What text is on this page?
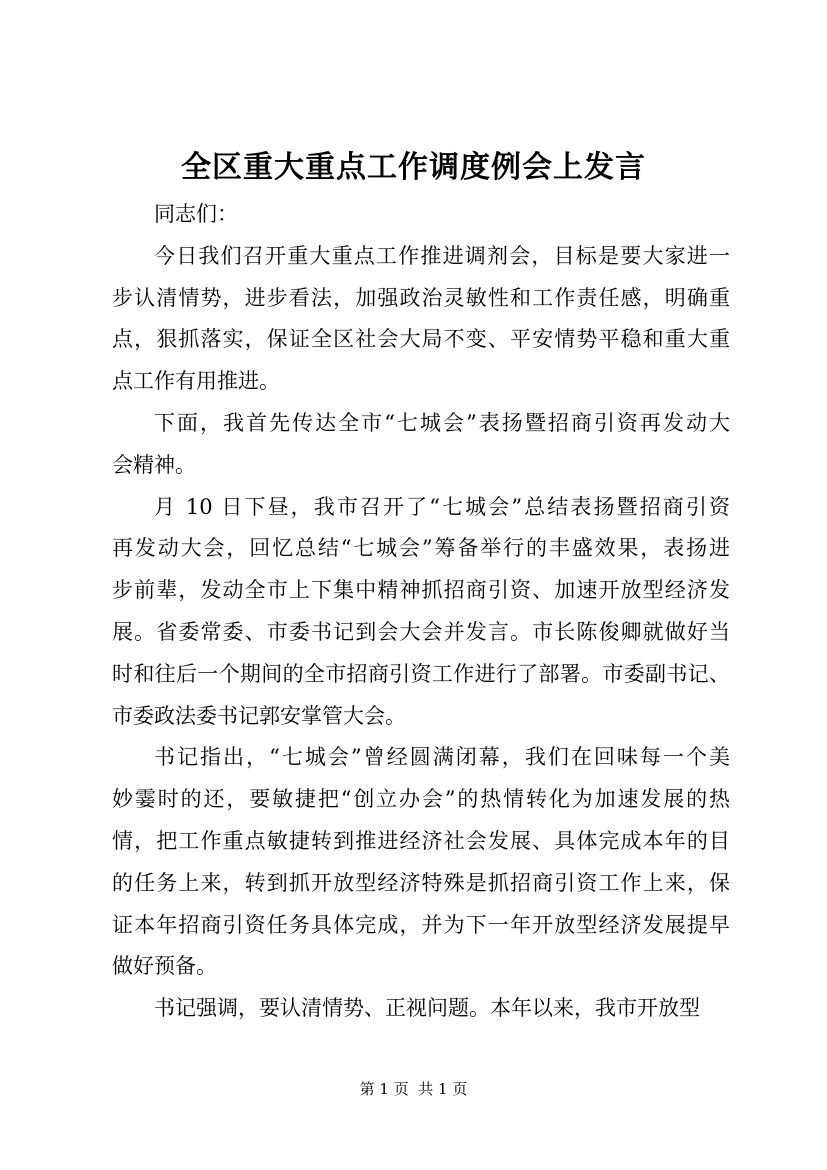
全区重大重点工作调度例会上发言
同志们：
今日我们召开重大重点工作推进调剂会，目标是要大家进一
步认清情势，进步看法，加强政治灵敏性和工作责任感，明确重
点，狠抓落实，保证全区社会大局不变、平安情势平稳和重大重
点工作有用推进。
下面，我首先传达全市“七城会”表扬暨招商引资再发动大
会精神。
月 10 日下昼，我市召开了“七城会”总结表扬暨招商引资
再发动大会，回忆总结“七城会”筹备举行的丰盛效果，表扬进
步前辈，发动全市上下集中精神抓招商引资、加速开放型经济发
展。省委常委、市委书记到会大会并发言。市长陈俊卿就做好当
时和往后一个期间的全市招商引资工作进行了部署。市委副书记、
市委政法委书记郭安掌管大会。
书记指出，“七城会”曾经圆满闭幕，我们在回味每一个美
妙霎时的还，要敏捷把“创立办会”的热情转化为加速发展的热
情，把工作重点敏捷转到推进经济社会发展、具体完成本年的目
的任务上来，转到抓开放型经济特殊是抓招商引资工作上来，保
证本年招商引资任务具体完成，并为下一年开放型经济发展提早
做好预备。
书记强调，要认清情势、正视问题。本年以来，我市开放型
第 1 页  共 1 页
